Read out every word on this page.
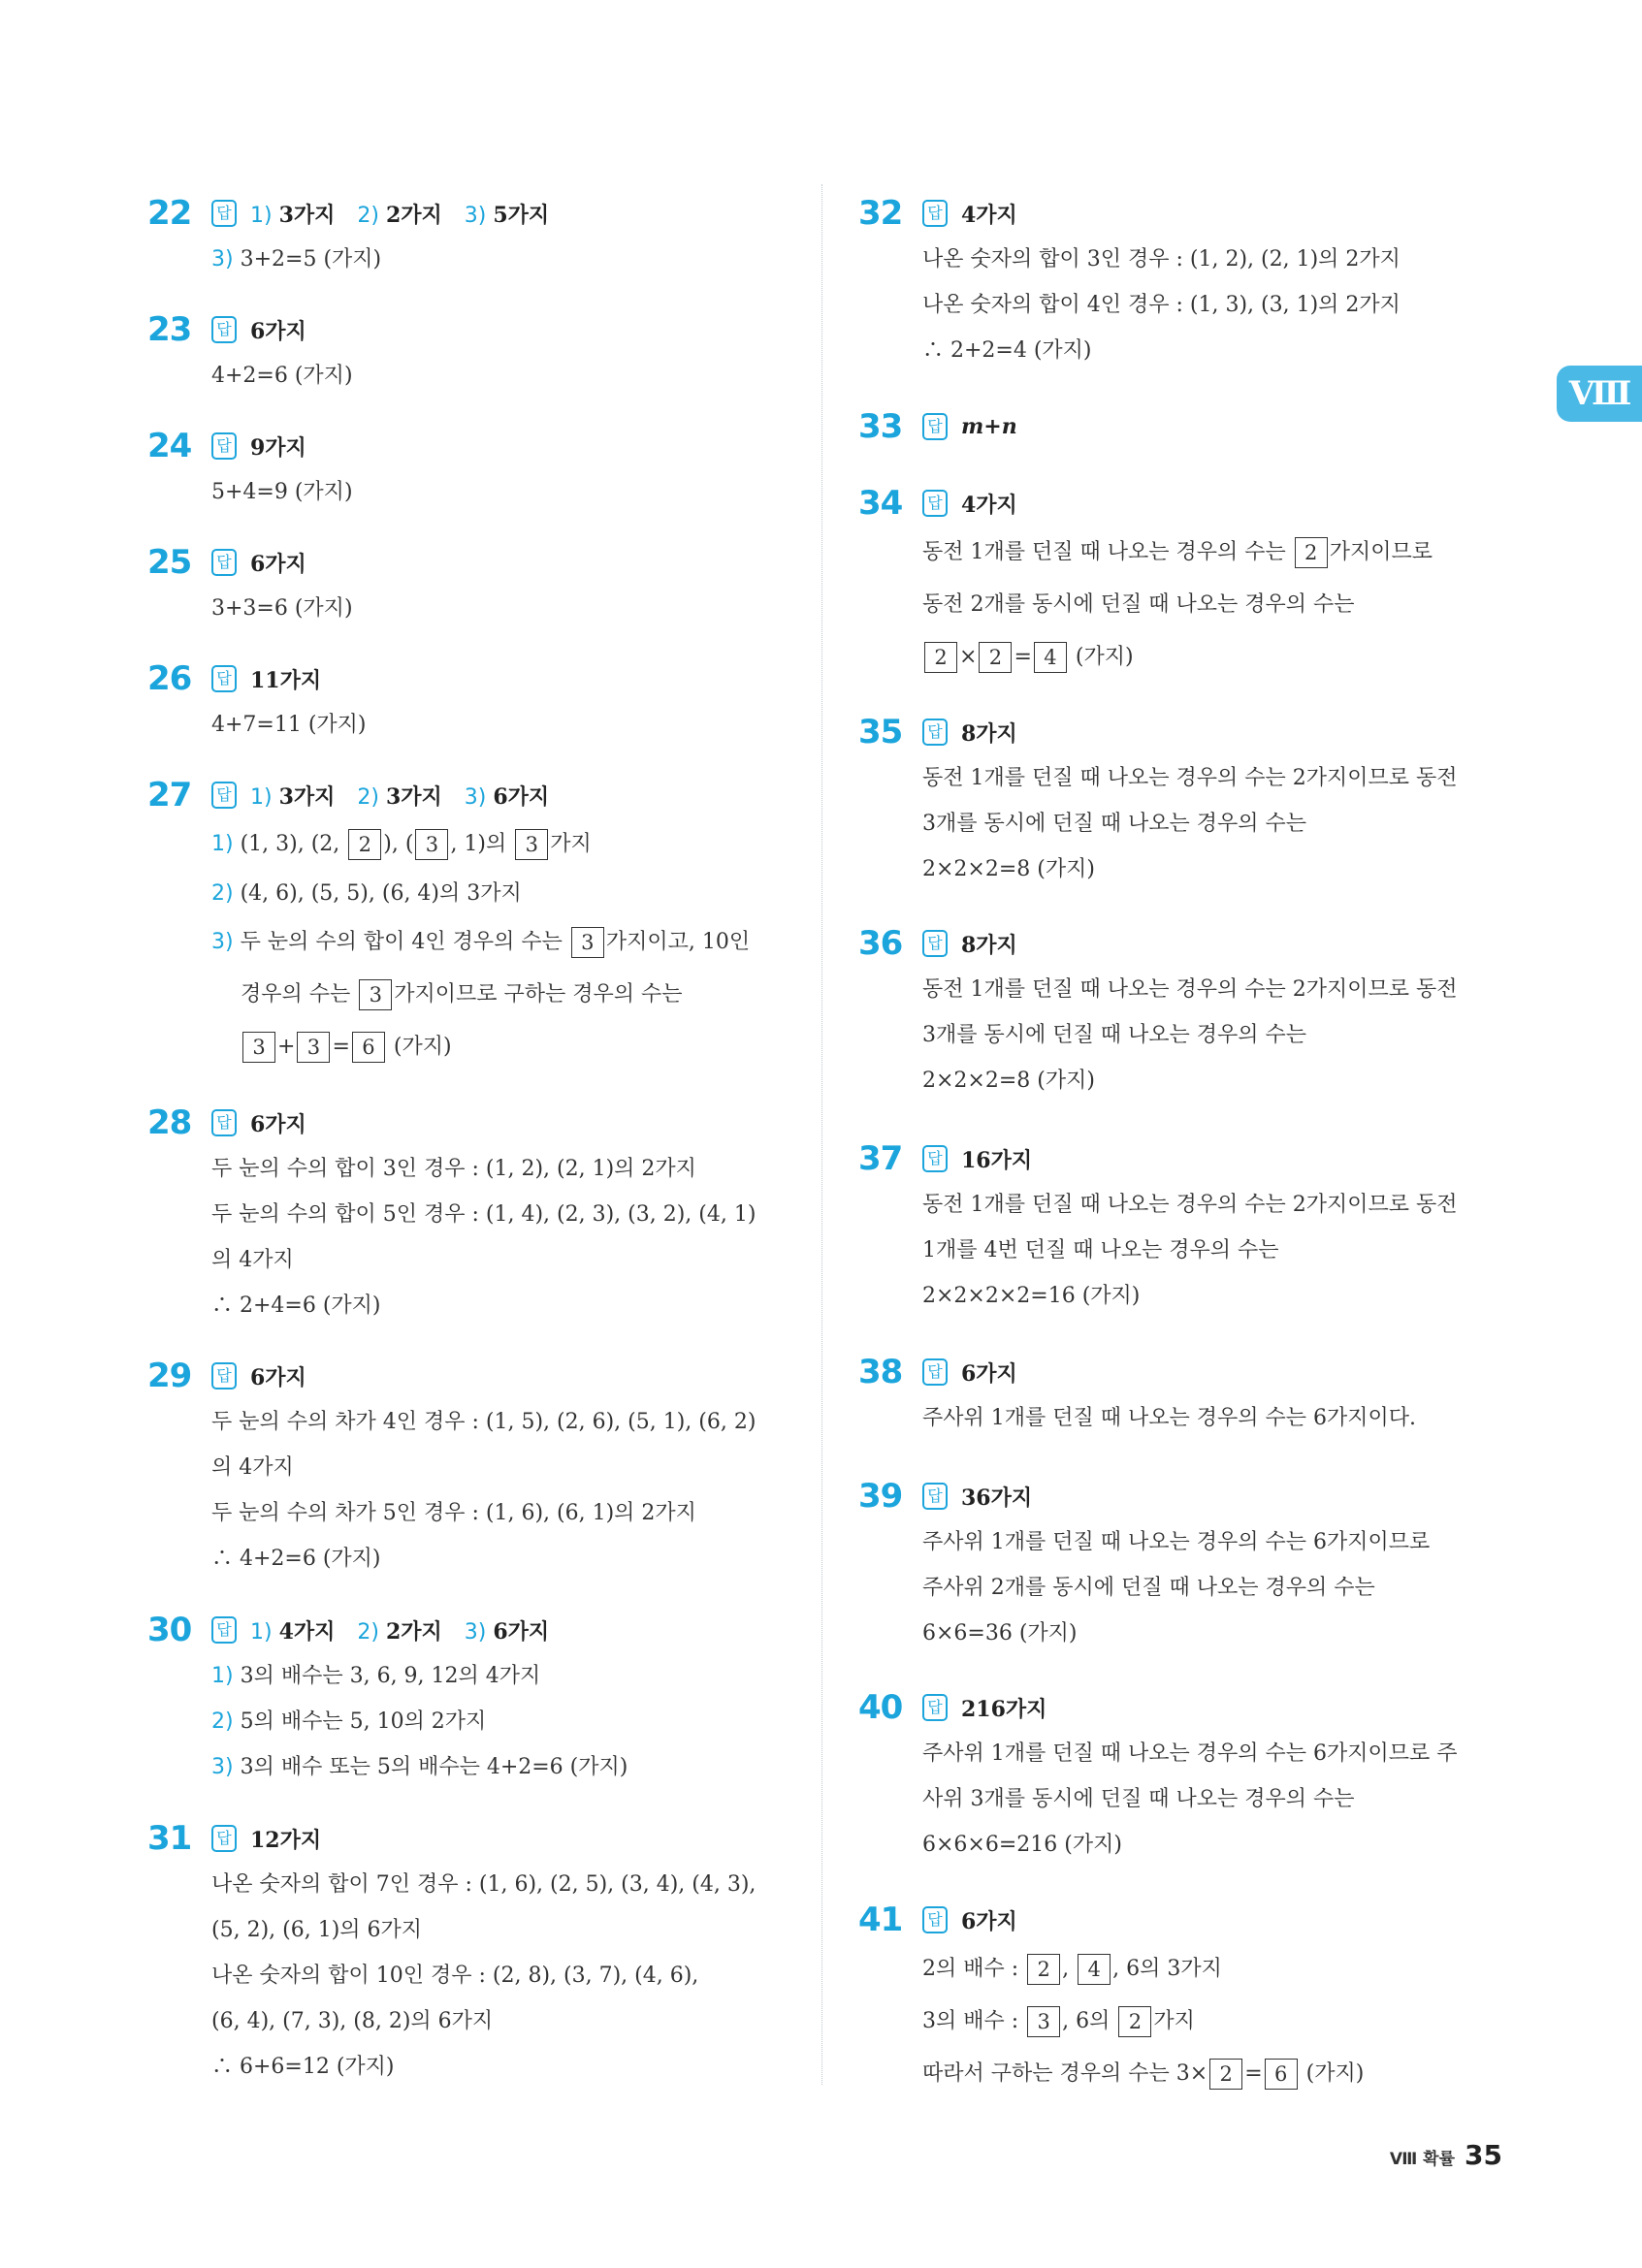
Ⅷ
22	답 1) 3가지 2) 2가지 3) 5가지
3) 3+2=5 (가지)
23	답 6가지
4+2=6 (가지)
24	답 9가지
5+4=9 (가지)
25	답 6가지
3+3=6 (가지)
26	답 11가지
4+7=11 (가지)
27	답 1) 3가지 2) 3가지 3) 6가지
1) (1, 3), (2, 2 ), ( 3 , 1)의 3 가지
2) (4, 6), (5, 5), (6, 4)의 3가지
3) 두 눈의 수의 합이 4인 경우의 수는 3 가지이고, 10인
경우의 수는 3 가지이므로 구하는 경우의 수는
3 + 3 = 6 (가지)
28	답 6가지
두 눈의 수의 합이 3인 경우 : (1, 2), (2, 1)의 2가지
두 눈의 수의 합이 5인 경우 : (1, 4), (2, 3), (3, 2), (4, 1)
의 4가지
∴ 2+4=6 (가지)
29	답 6가지
두 눈의 수의 차가 4인 경우 : (1, 5), (2, 6), (5, 1), (6, 2)
의 4가지
두 눈의 수의 차가 5인 경우 : (1, 6), (6, 1)의 2가지
∴ 4+2=6 (가지)
30	답 1) 4가지 2) 2가지 3) 6가지
1) 3의 배수는 3, 6, 9, 12의 4가지
2) 5의 배수는 5, 10의 2가지
3) 3의 배수 또는 5의 배수는 4+2=6 (가지)
31	답 12가지
나온 숫자의 합이 7인 경우 : (1, 6), (2, 5), (3, 4), (4, 3),
(5, 2), (6, 1)의 6가지
나온 숫자의 합이 10인 경우 : (2, 8), (3, 7), (4, 6),
(6, 4), (7, 3), (8, 2)의 6가지
∴ 6+6=12 (가지)
32	답 4가지
나온 숫자의 합이 3인 경우 : (1, 2), (2, 1)의 2가지
나온 숫자의 합이 4인 경우 : (1, 3), (3, 1)의 2가지
∴ 2+2=4 (가지)
33	답 m+n
34	답 4가지
동전 1개를 던질 때 나오는 경우의 수는 2 가지이므로
동전 2개를 동시에 던질 때 나오는 경우의 수는
2 × 2 = 4 (가지)
35	답 8가지
동전 1개를 던질 때 나오는 경우의 수는 2가지이므로 동전
3개를 동시에 던질 때 나오는 경우의 수는
2×2×2=8 (가지)
36	답 8가지
동전 1개를 던질 때 나오는 경우의 수는 2가지이므로 동전
3개를 동시에 던질 때 나오는 경우의 수는
2×2×2=8 (가지)
37	답 16가지
동전 1개를 던질 때 나오는 경우의 수는 2가지이므로 동전
1개를 4번 던질 때 나오는 경우의 수는
2×2×2×2=16 (가지)
38	답 6가지
주사위 1개를 던질 때 나오는 경우의 수는 6가지이다.
39	답 36가지
주사위 1개를 던질 때 나오는 경우의 수는 6가지이므로
주사위 2개를 동시에 던질 때 나오는 경우의 수는
6×6=36 (가지)
40	답 216가지
주사위 1개를 던질 때 나오는 경우의 수는 6가지이므로 주
사위 3개를 동시에 던질 때 나오는 경우의 수는
6×6×6=216 (가지)
41	답 6가지
2의 배수 : 2 , 4 , 6의 3가지
3의 배수 : 3 , 6의 2 가지
따라서 구하는 경우의 수는 3× 2 = 6 (가지)
Ⅷ 확률 35
